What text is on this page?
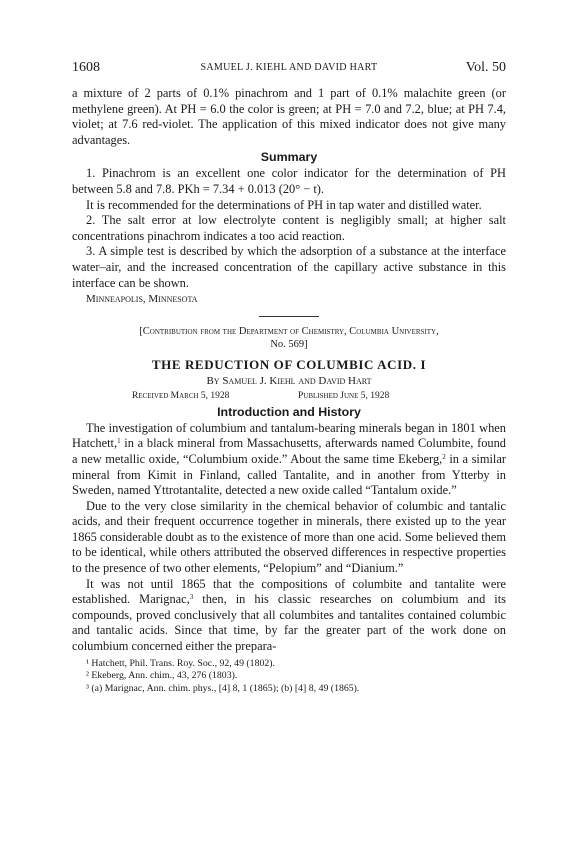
1608	SAMUEL J. KIEHL AND DAVID HART	Vol. 50

a mixture of 2 parts of 0.1% pinachrom and 1 part of 0.1% malachite green (or methylene green). At PH = 6.0 the color is green; at PH = 7.0 and 7.2, blue; at PH 7.4, violet; at 7.6 red-violet. The application of this mixed indicator does not give many advantages.

Summary

1. Pinachrom is an excellent one color indicator for the determination of PH between 5.8 and 7.8. PKh = 7.34 + 0.013 (20° − t).

It is recommended for the determinations of PH in tap water and distilled water.

2. The salt error at low electrolyte content is negligibly small; at higher salt concentrations pinachrom indicates a too acid reaction.

3. A simple test is described by which the adsorption of a substance at the interface water–air, and the increased concentration of the capillary active substance in this interface can be shown.

Minneapolis, Minnesota

[Contribution from the Department of Chemistry, Columbia University,
No. 569]

THE REDUCTION OF COLUMBIC ACID. I

By Samuel J. Kiehl and David Hart

Received March 5, 1928	Published June 5, 1928

Introduction and History

The investigation of columbium and tantalum-bearing minerals began in 1801 when Hatchett,$^1$ in a black mineral from Massachusetts, afterwards named Columbite, found a new metallic oxide, “Columbium oxide.” About the same time Ekeberg,$^2$ in a similar mineral from Kimit in Finland, called Tantalite, and in another from Ytterby in Sweden, named Yttrotantalite, detected a new oxide called “Tantalum oxide.”

Due to the very close similarity in the chemical behavior of columbic and tantalic acids, and their frequent occurrence together in minerals, there existed up to the year 1865 considerable doubt as to the existence of more than one acid. Some believed them to be identical, while others attributed the observed differences in respective properties to the presence of two other elements, “Pelopium” and “Dianium.”

It was not until 1865 that the compositions of columbite and tantalite were established. Marignac,$^3$ then, in his classic researches on columbium and its compounds, proved conclusively that all columbites and tantalites contained columbic and tantalic acids. Since that time, by far the greater part of the work done on columbium concerned either the prepara-

¹ Hatchett, Phil. Trans. Roy. Soc., 92, 49 (1802).

² Ekeberg, Ann. chim., 43, 276 (1803).

³ (a) Marignac, Ann. chim. phys., [4] 8, 1 (1865); (b) [4] 8, 49 (1865).
